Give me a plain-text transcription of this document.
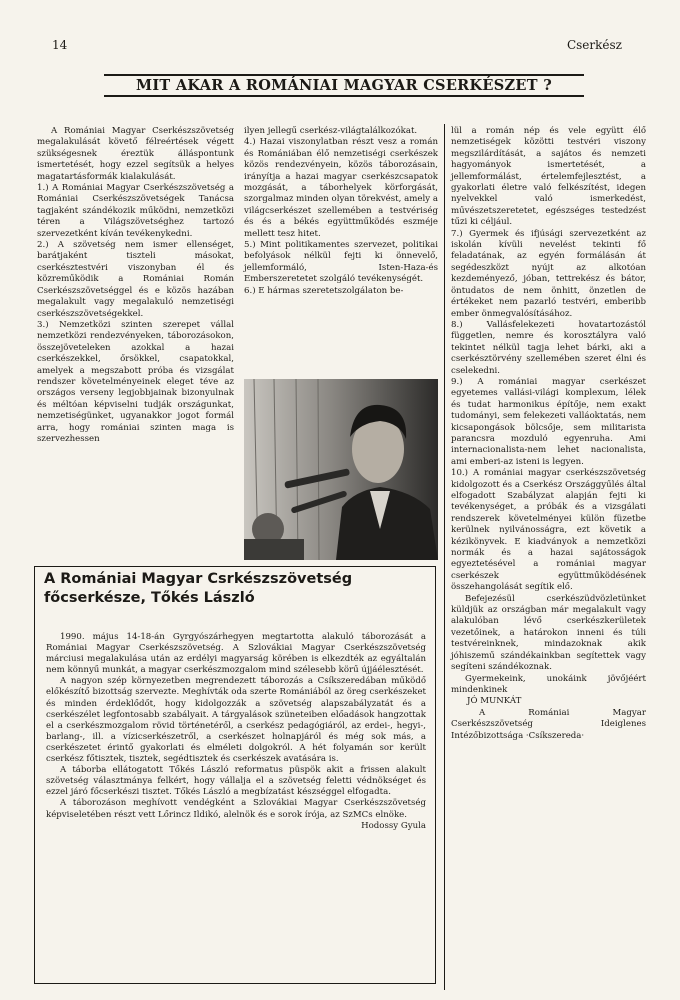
14	Cserkész
MIT AKAR A ROMÁNIAI MAGYAR CSERKÉSZET ?

A Romániai Magyar Cserkészszövetség megalakulását követő félreértések végett szükségesnek éreztük álláspontunk ismertetését, hogy ezzel segítsük a helyes magatartásformák kialakulását.

1.) A Romániai Magyar Cserkészszövetség a Romániai Cserkészszövetségek Tanácsa tagjaként szándékozik működni, nemzetközi téren a Világszövetséghez tartozó szervezetként kíván tevékenykedni.

2.) A szövetség nem ismer ellenséget, barátjaként tiszteli másokat, cserkésztestvéri viszonyban él és közreműködik a Romániai Román Cserkészszövetséggel és e közös hazában megalakult vagy megalakuló nemzetiségi cserkészszövetségekkel.

3.) Nemzetközi szinten szerepet vállal nemzetközi rendezvényeken, táborozásokon, összejöveteleken azokkal a hazai cserkészekkel, őrsökkel, csapatokkal, amelyek a megszabott próba és vizsgálat rendszer követelményeinek eleget téve az országos verseny legjobbjainak bizonyulnak és méltóan képviselni tudják országunkat, nemzetiségünket, ugyanakkor jogot formál arra, hogy romániai szinten maga is szervezhessen

ilyen jellegű cserkész-világtalálkozókat.

4.) Hazai viszonylatban részt vesz a román és Romániában élő nemzetiségi cserkészek közös rendezvényein, közös táborozásain, irányítja a hazai magyar cserkészcsapatok mozgását, a táborhelyek körforgását, szorgalmaz minden olyan törekvést, amely a világcserkészet szellemében a testvériség és és a békés együttműködés eszméje mellett tesz hitet.

5.) Mint politikamentes szervezet, politikai befolyások nélkül fejti ki önnevelő, jellemformáló, Isten-Haza-és Emberszeretetet szolgáló tevékenységét.

6.) E hármas szeretetszolgálaton be-

lül a román nép és vele együtt élő nemzetiségek közötti testvéri viszony megszilárdítását, a sajátos és nemzeti hagyományok ismertetését, a jellemformálást, értelemfejlesztést, a gyakorlati életre való felkészítést, idegen nyelvekkel való ismerkedést, művészetszeretetet, egészséges testedzést tűzi ki céljául.

7.) Gyermek és ifjúsági szervezetként az iskolán kívüli nevelést tekinti fő feladatának, az egyén formálásán át segédeszközt nyújt az alkotóan kezdeményező, jóban, tettrekész és bátor, öntudatos de nem önhitt, önzetlen de értékeket nem pazarló testvéri, emberibb ember önmegvalósításához.

8.) Vallásfelekezeti hovatartozástól független, nemre és korosztályra való tekintet nélkül tagja lehet bárki, aki a cserkésztörvény szellemében szeret élni és cselekedni.

9.) A romániai magyar cserkészet egyetemes vallási-világi komplexum, lélek és tudat harmonikus építője, nem exakt tudományi, sem felekezeti valláoktatás, nem kicsapongások bölcsője, sem militarista parancsra mozduló egyenruha. Ami internacionalista-nem lehet nacionalista, ami emberi-az isteni is legyen.

10.) A romániai magyar cserkészszövetség kidolgozott és a Cserkész Országgyűlés által elfogadott Szabályzat alapján fejti ki tevékenységet, a próbák és a vizsgálati rendszerek követelményei külön füzetbe kerülnek nyilvánosságra, ezt követik a kézikönyvek. E kiadványok a nemzetközi normák és a hazai sajátosságok egyeztetésével a romániai magyar cserkészek együttműködésének összehangolását segítik elő.

Befejezésül cserkészüdvözletünket küldjük az országban már megalakult vagy alakulóban lévő cserkészkerületek vezetőinek, a határokon inneni és túli testvéreinknek, mindazoknak akik jóhiszemű szándékainkban segítettek vagy segíteni szándékoznak.

Gyermekeink, unokáink jövőjéért mindenkinek

JÓ MUNKÁT

A Romániai Magyar Cserkészszövetség Ideiglenes Intézőbizottsága ·Csíkszereda·

A Romániai Magyar Csrkészszövetség főcserkésze, Tőkés László

1990. május 14-18-án Gyrgyószárhegyen megtartotta alakuló táborozását a Romániai Magyar Cserkészszövetség. A Szlovákiai Magyar Cserkészszövetség márciusi megalakulása után az erdélyi magyarság körében is elkezdték az egyáltalán nem könnyű munkát, a magyar cserkészmozgalom mind szélesebb körű újjáélesztését.

A nagyon szép környezetben megrendezett táborozás a Csíkszeredában működő előkészítő bizottság szervezte. Meghívták oda szerte Romániából az öreg cserkészeket és minden érdeklődőt, hogy kidolgozzák a szövetség alapszabályzatát és a cserkészélet legfontosabb szabályait. A tárgyalások szüneteiben előadások hangzottak el a cserkészmozgalom rövid történetéről, a cserkész pedagógiáról, az erdei-, hegyi-, barlang-, ill. a vízicserkészetről, a cserkészet holnapjáról és még sok más, a cserkészetet érintő gyakorlati és elméleti dolgokról. A hét folyamán sor került cserkész főtisztek, tisztek, segédtisztek és cserkészek avatására is.

A táborba ellátogatott Tőkés László reformatus püspök akit a frissen alakult szövetség választmánya felkért, hogy vállalja el a szövetség feletti védnökséget és ezzel járó főcserkészi tisztet. Tőkés László a megbízatást készséggel elfogadta.

A táborozáson meghívott vendégként a Szlovákiai Magyar Cserkészszövetség képviseletében részt vett Lőrincz Ildikó, alelnök és e sorok írója, az SzMCs elnöke.

Hodossy Gyula
